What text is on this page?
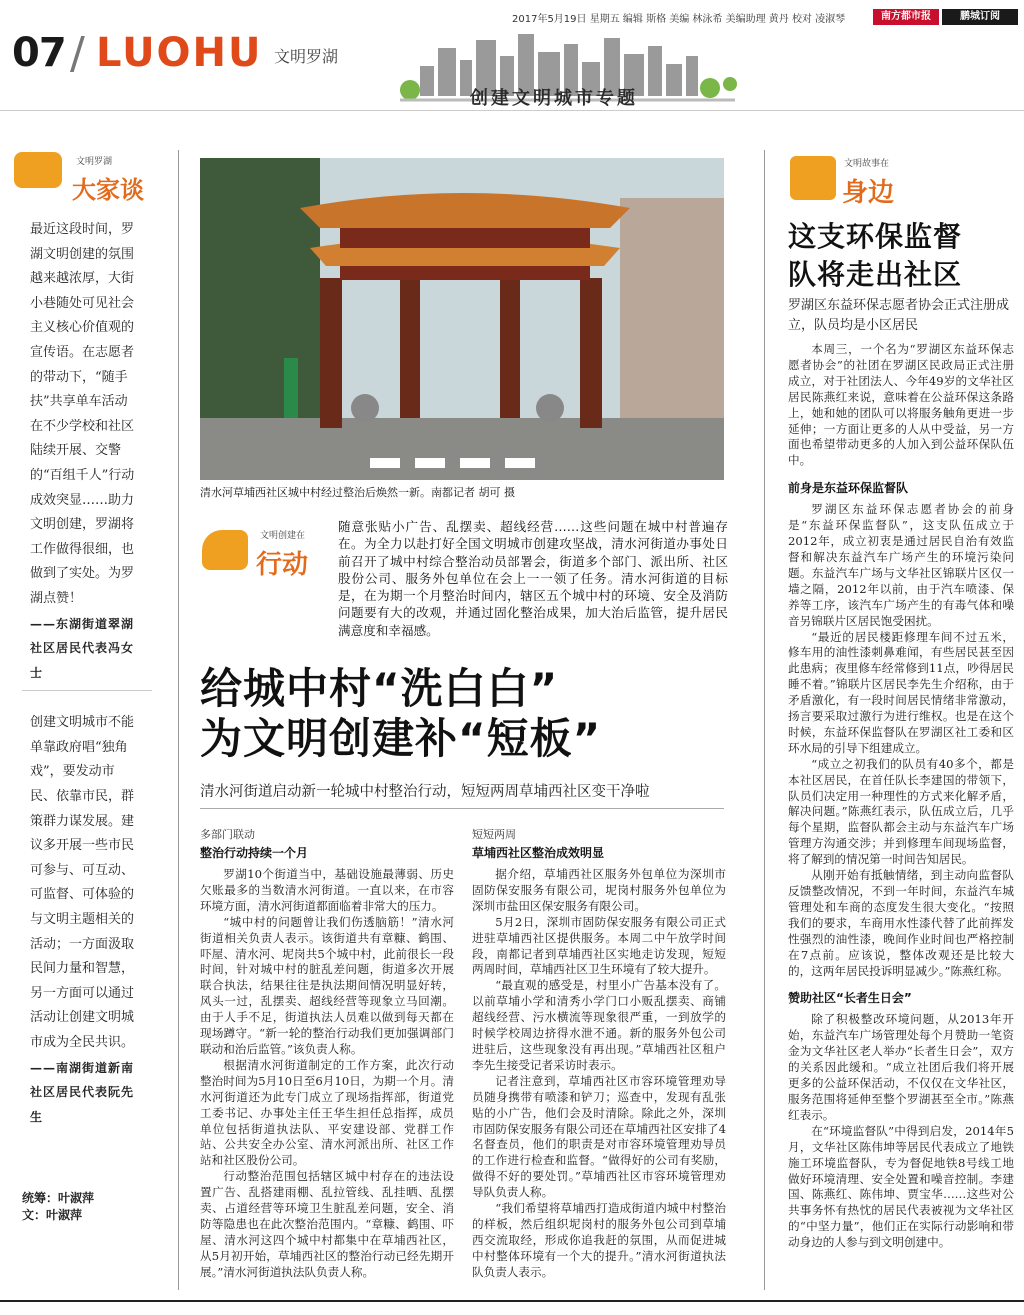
2017年5月19日 星期五 编辑 斯格 美编 林泳希 美编助理 黄丹 校对 凌淑琴	南方都市报	鹏城订阅
07 / LUOHU 文明罗湖
创建文明城市专题
文明罗湖
大家谈

最近这段时间，罗湖文明创建的氛围越来越浓厚，大街小巷随处可见社会主义核心价值观的宣传语。在志愿者的带动下，“随手扶”共享单车活动在不少学校和社区陆续开展、交警的“百组千人”行动成效突显……助力文明创建，罗湖将工作做得很细，也做到了实处。为罗湖点赞！

——东湖街道翠湖社区居民代表冯女士

创建文明城市不能单靠政府唱“独角戏”，要发动市民、依靠市民，群策群力谋发展。建议多开展一些市民可参与、可互动、可监督、可体验的与文明主题相关的活动；一方面汲取民间力量和智慧，另一方面可以通过活动让创建文明城市成为全民共识。

——南湖街道新南社区居民代表阮先生

统筹：叶淑萍
文：叶淑萍
清水河草埔西社区城中村经过整治后焕然一新。南都记者 胡可 摄
文明创建在
行动
随意张贴小广告、乱摆卖、超线经营……这些问题在城中村普遍存在。为全力以赴打好全国文明城市创建攻坚战，清水河街道办事处日前召开了城中村综合整治动员部署会，街道多个部门、派出所、社区股份公司、服务外包单位在会上一一领了任务。清水河街道的目标是，在为期一个月整治时间内，辖区五个城中村的环境、安全及消防问题要有大的改观，并通过固化整治成果，加大治后监管，提升居民满意度和幸福感。
给城中村“洗白白”
为文明创建补“短板”
清水河街道启动新一轮城中村整治行动，短短两周草埔西社区变干净啦
多部门联动
整治行动持续一个月

罗湖10个街道当中，基础设施最薄弱、历史欠账最多的当数清水河街道。一直以来，在市容环境方面，清水河街道都面临着非常大的压力。

“城中村的问题曾让我们伤透脑筋！”清水河街道相关负责人表示。该街道共有章糠、鹤围、吓屋、清水河、坭岗共5个城中村，此前很长一段时间，针对城中村的脏乱差问题，街道多次开展联合执法，结果往往是执法期间情况明显好转，风头一过，乱摆卖、超线经营等现象立马回潮。由于人手不足，街道执法人员难以做到每天都在现场蹲守。“新一轮的整治行动我们更加强调部门联动和治后监管。”该负责人称。

根据清水河街道制定的工作方案，此次行动整治时间为5月10日至6月10日，为期一个月。清水河街道还为此专门成立了现场指挥部，街道党工委书记、办事处主任王华生担任总指挥，成员单位包括街道执法队、平安建设部、党群工作站、公共安全办公室、清水河派出所、社区工作站和社区股份公司。

行动整治范围包括辖区城中村存在的违法设置广告、乱搭建雨棚、乱拉管线、乱挂晒、乱摆卖、占道经营等环境卫生脏乱差问题，安全、消防等隐患也在此次整治范围内。“章糠、鹤围、吓屋、清水河这四个城中村都集中在草埔西社区，从5月初开始，草埔西社区的整治行动已经先期开展。”清水河街道执法队负责人称。

短短两周
草埔西社区整治成效明显

据介绍，草埔西社区服务外包单位为深圳市固防保安服务有限公司，坭岗村服务外包单位为深圳市盐田区保安服务有限公司。

5月2日，深圳市固防保安服务有限公司正式进驻草埔西社区提供服务。本周二中午放学时间段，南都记者到草埔西社区实地走访发现，短短两周时间，草埔西社区卫生环境有了较大提升。

“最直观的感受是，村里小广告基本没有了。以前草埔小学和清秀小学门口小贩乱摆卖、商铺超线经营、污水横流等现象很严重，一到放学的时候学校周边挤得水泄不通。新的服务外包公司进驻后，这些现象没有再出现。”草埔西社区租户李先生接受记者采访时表示。

记者注意到，草埔西社区市容环境管理劝导员随身携带有喷漆和铲刀；巡查中，发现有乱张贴的小广告，他们会及时清除。除此之外，深圳市固防保安服务有限公司还在草埔西社区安排了4名督查员，他们的职责是对市容环境管理劝导员的工作进行检查和监督。“做得好的公司有奖励，做得不好的要处罚。”草埔西社区市容环境管理劝导队负责人称。

“我们希望将草埔西打造成街道内城中村整治的样板，然后组织坭岗村的服务外包公司到草埔西交流取经，形成你追我赶的氛围，从而促进城中村整体环境有一个大的提升。”清水河街道执法队负责人表示。

文明故事在
身边
这支环保监督
队将走出社区
罗湖区东益环保志愿者协会正式注册成立，队员均是小区居民

本周三，一个名为“罗湖区东益环保志愿者协会”的社团在罗湖区民政局正式注册成立，对于社团法人、今年49岁的文华社区居民陈燕红来说，意味着在公益环保这条路上，她和她的团队可以将服务触角更进一步延伸；一方面让更多的人从中受益，另一方面也希望带动更多的人加入到公益环保队伍中。

前身是东益环保监督队

罗湖区东益环保志愿者协会的前身是“东益环保监督队”，这支队伍成立于2012年，成立初衷是通过居民自治有效监督和解决东益汽车广场产生的环境污染问题。东益汽车广场与文华社区锦联片区仅一墙之隔，2012年以前，由于汽车喷漆、保养等工序，该汽车广场产生的有毒气体和噪音另锦联片区居民饱受困扰。

“最近的居民楼距修理车间不过五米，修车用的油性漆刺鼻难闻，有些居民甚至因此患病；夜里修车经常修到11点，吵得居民睡不着。”锦联片区居民李先生介绍称，由于矛盾激化，有一段时间居民情绪非常激动，扬言要采取过激行为进行维权。也是在这个时候，东益环保监督队在罗湖区社工委和区环水局的引导下组建成立。

“成立之初我们的队员有40多个，都是本社区居民，在首任队长李建国的带领下，队员们决定用一种理性的方式来化解矛盾，解决问题。”陈燕红表示，队伍成立后，几乎每个星期，监督队都会主动与东益汽车广场管理方沟通交涉；并到修理车间现场监督，将了解到的情况第一时间告知居民。

从刚开始有抵触情绪，到主动向监督队反馈整改情况，不到一年时间，东益汽车城管理处和车商的态度发生很大变化。“按照我们的要求，车商用水性漆代替了此前挥发性强烈的油性漆，晚间作业时间也严格控制在7点前。应该说，整体改观还是比较大的，这两年居民投诉明显减少。”陈燕红称。

赞助社区“长者生日会”

除了积极整改环境问题，从2013年开始，东益汽车广场管理处每个月赞助一笔资金为文华社区老人举办“长者生日会”，双方的关系因此缓和。“成立社团后我们将开展更多的公益环保活动，不仅仅在文华社区，服务范围将延伸至整个罗湖甚至全市。”陈燕红表示。

在“环境监督队”中得到启发，2014年5月，文华社区陈伟坤等居民代表成立了地铁施工环境监督队，专为督促地铁8号线工地做好环境清理、安全处置和噪音控制。李建国、陈燕红、陈伟坤、贾宝华……这些对公共事务怀有热忱的居民代表被视为文华社区的“中坚力量”，他们正在实际行动影响和带动身边的人参与到文明创建中。
